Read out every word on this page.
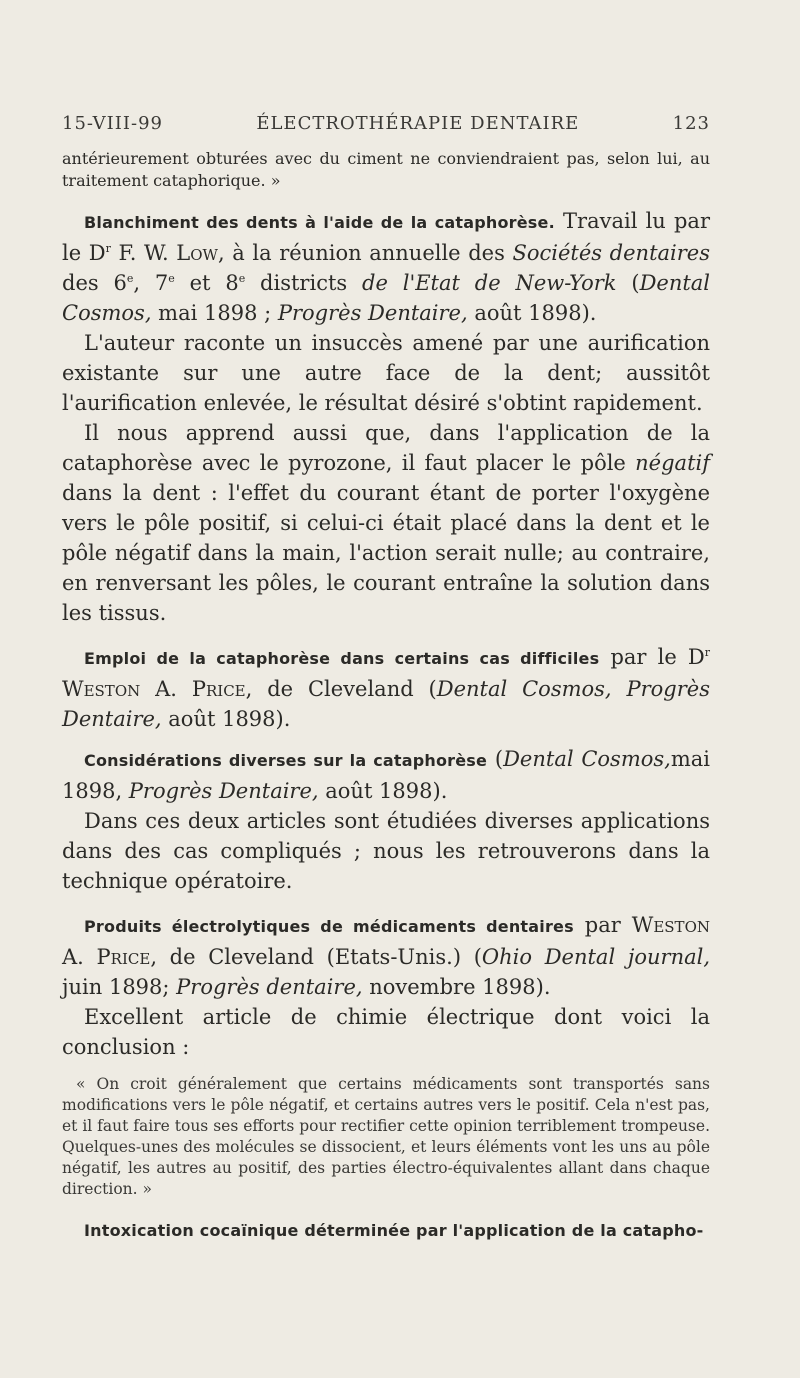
15-VIII-99	ÉLECTROTHÉRAPIE DENTAIRE	123

antérieurement obturées avec du ciment ne conviendraient pas, selon lui, au traitement cataphorique. »

Blanchiment des dents à l'aide de la cataphorèse. Travail lu par le $D^r$ F. W. Low, à la réunion annuelle des Sociétés dentaires des 6e, 7e et 8e districts de l'Etat de New-York (Dental Cosmos, mai 1898 ; Progrès Dentaire, août 1898).

L'auteur raconte un insuccès amené par une aurification existante sur une autre face de la dent; aussitôt l'aurification enlevée, le résultat désiré s'obtint rapidement.

Il nous apprend aussi que, dans l'application de la cataphorèse avec le pyrozone, il faut placer le pôle négatif dans la dent : l'effet du courant étant de porter l'oxygène vers le pôle positif, si celui-ci était placé dans la dent et le pôle négatif dans la main, l'action serait nulle; au contraire, en renversant les pôles, le courant entraîne la solution dans les tissus.

Emploi de la cataphorèse dans certains cas difficiles par le $D^r$ Weston A. Price, de Cleveland (Dental Cosmos, Progrès Dentaire, août 1898).

Considérations diverses sur la cataphorèse (Dental Cosmos,mai 1898, Progrès Dentaire, août 1898).

Dans ces deux articles sont étudiées diverses applications dans des cas compliqués ; nous les retrouverons dans la technique opératoire.

Produits électrolytiques de médicaments dentaires par Weston A. Price, de Cleveland (Etats-Unis.) (Ohio Dental journal, juin 1898; Progrès dentaire, novembre 1898).

Excellent article de chimie électrique dont voici la conclusion :

« On croit généralement que certains médicaments sont transportés sans modifications vers le pôle négatif, et certains autres vers le positif. Cela n'est pas, et il faut faire tous ses efforts pour rectifier cette opinion terriblement trompeuse. Quelques-unes des molécules se dissocient, et leurs éléments vont les uns au pôle négatif, les autres au positif, des parties électro-équivalentes allant dans chaque direction. »

Intoxication cocaïnique déterminée par l'application de la catapho-
